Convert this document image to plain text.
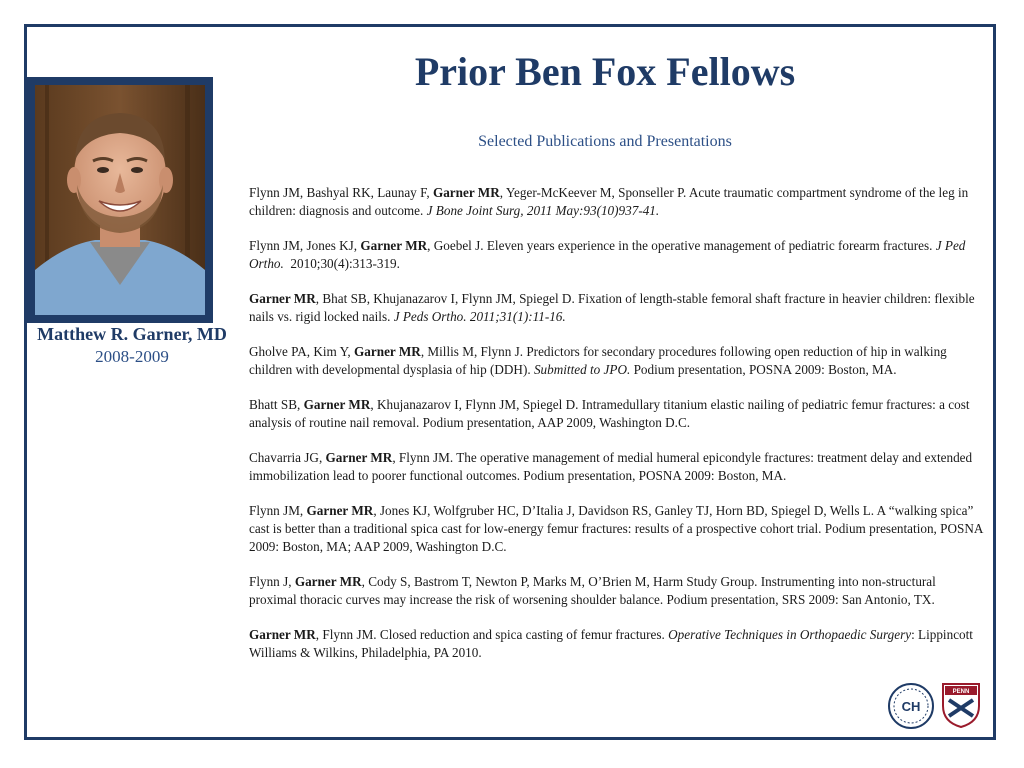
Prior Ben Fox Fellows
Selected Publications and Presentations
Matthew R. Garner, MD
2008-2009

Flynn JM, Bashyal RK, Launay F, Garner MR, Yeger-McKeever M, Sponseller P. Acute traumatic compartment syndrome of the leg in children: diagnosis and outcome. J Bone Joint Surg, 2011 May:93(10)937-41.

Flynn JM, Jones KJ, Garner MR, Goebel J. Eleven years experience in the operative management of pediatric forearm fractures. J Ped Ortho.  2010;30(4):313-319.

Garner MR, Bhat SB, Khujanazarov I, Flynn JM, Spiegel D. Fixation of length-stable femoral shaft fracture in heavier children: flexible nails vs. rigid locked nails. J Peds Ortho. 2011;31(1):11-16.

Gholve PA, Kim Y, Garner MR, Millis M, Flynn J. Predictors for secondary procedures following open reduction of hip in walking children with developmental dysplasia of hip (DDH). Submitted to JPO. Podium presentation, POSNA 2009: Boston, MA.

Bhatt SB, Garner MR, Khujanazarov I, Flynn JM, Spiegel D. Intramedullary titanium elastic nailing of pediatric femur fractures: a cost analysis of routine nail removal. Podium presentation, AAP 2009, Washington D.C.

Chavarria JG, Garner MR, Flynn JM. The operative management of medial humeral epicondyle fractures: treatment delay and extended immobilization lead to poorer functional outcomes. Podium presentation, POSNA 2009: Boston, MA.

Flynn JM, Garner MR, Jones KJ, Wolfgruber HC, D’Italia J, Davidson RS, Ganley TJ, Horn BD, Spiegel D, Wells L. A “walking spica” cast is better than a traditional spica cast for low-energy femur fractures: results of a prospective cohort trial. Podium presentation, POSNA 2009: Boston, MA; AAP 2009, Washington D.C.

Flynn J, Garner MR, Cody S, Bastrom T, Newton P, Marks M, O’Brien M, Harm Study Group. Instrumenting into non-structural proximal thoracic curves may increase the risk of worsening shoulder balance. Podium presentation, SRS 2009: San Antonio, TX.

Garner MR, Flynn JM. Closed reduction and spica casting of femur fractures. Operative Techniques in Orthopaedic Surgery: Lippincott Williams & Wilkins, Philadelphia, PA 2010.

CH
PENN
